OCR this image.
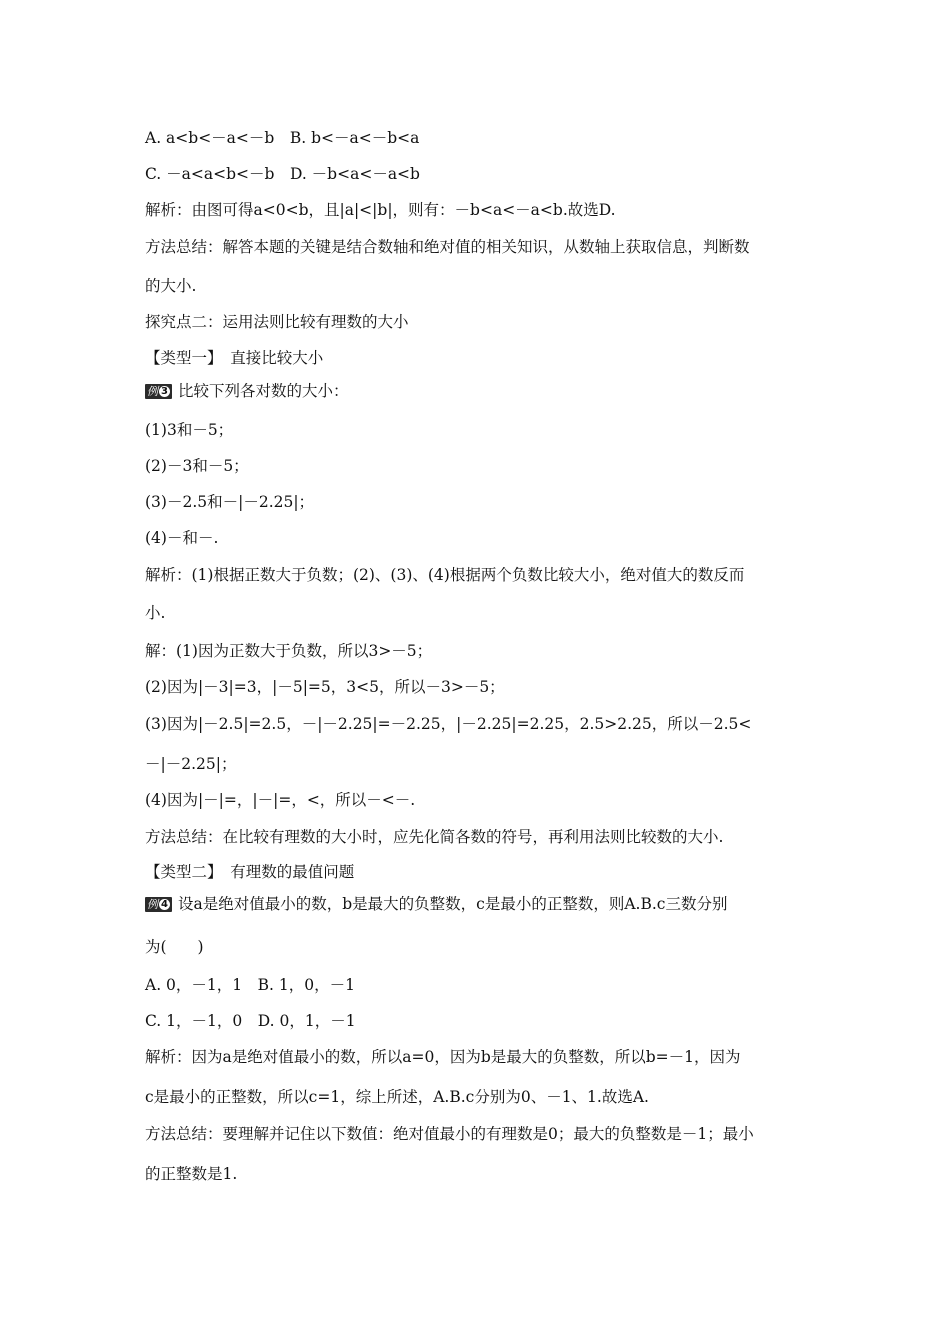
A. a<b<－a<－b　B. b<－a<－b<a
C. －a<a<b<－b　D. －b<a<－a<b
解析：由图可得a<0<b，且|a|<|b|，则有：－b<a<－a<b.故选D.
方法总结：解答本题的关键是结合数轴和绝对值的相关知识，从数轴上获取信息，判断数
的大小.
探究点二：运用法则比较有理数的大小
【类型一】　直接比较大小
例 3 比较下列各对数的大小：
(1)3和－5；
(2)－3和－5；
(3)－2.5和－|－2.25|；
(4)－和－.
解析：(1)根据正数大于负数；(2)、(3)、(4)根据两个负数比较大小，绝对值大的数反而
小.
解：(1)因为正数大于负数，所以3>－5；
(2)因为|－3|=3，|－5|=5，3<5，所以－3>－5；
(3)因为|－2.5|=2.5，－|－2.25|=－2.25，|－2.25|=2.25，2.5>2.25，所以－2.5<
－|－2.25|；
(4)因为|－|=，|－|=，<，所以－<－.
方法总结：在比较有理数的大小时，应先化简各数的符号，再利用法则比较数的大小.
【类型二】　有理数的最值问题
例 4 设a是绝对值最小的数，b是最大的负整数，c是最小的正整数，则A.B.c三数分别
为(　　)
A. 0，－1，1　B. 1，0，－1
C. 1，－1，0　D. 0，1，－1
解析：因为a是绝对值最小的数，所以a=0，因为b是最大的负整数，所以b=－1，因为
c是最小的正整数，所以c=1，综上所述，A.B.c分别为0、－1、1.故选A.
方法总结：要理解并记住以下数值：绝对值最小的有理数是0；最大的负整数是－1；最小
的正整数是1.
